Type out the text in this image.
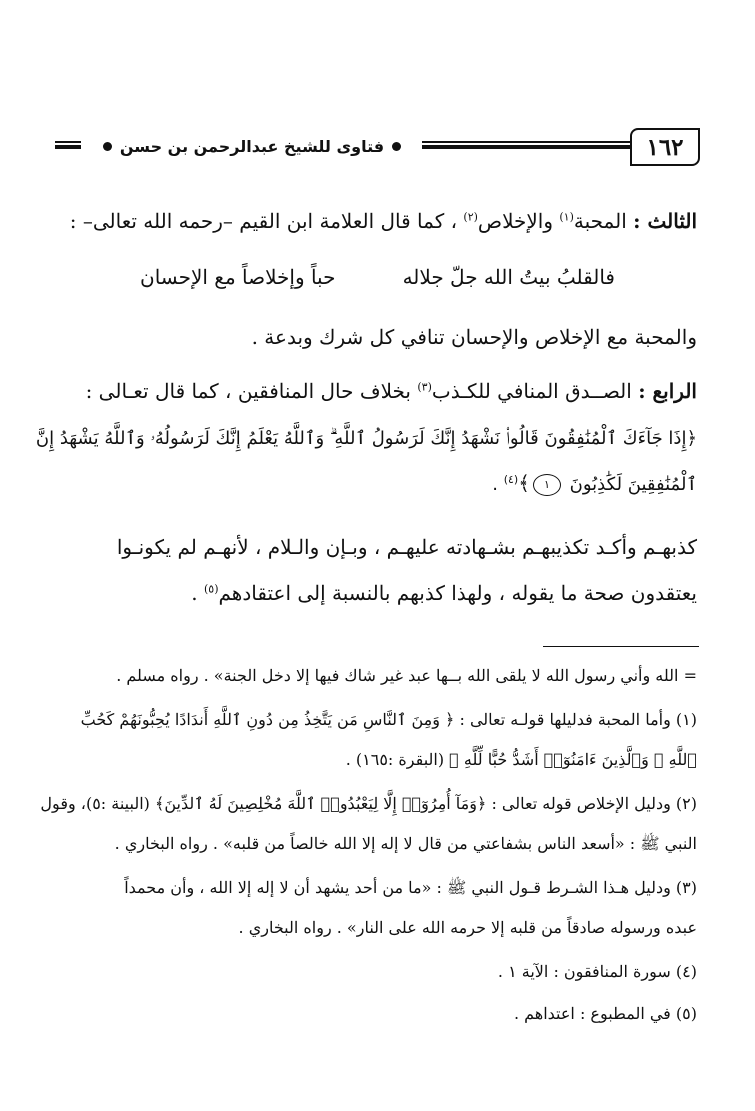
١٦٢
فتاوى للشيخ عبدالرحمن بن حسن
الثالث : المحبة$^{(١)}$ والإخلاص$^{(٢)}$ ، كما قال العلامة ابن القيم –رحمه الله تعالى– :
فالقلبُ بيتُ الله جلّ جلاله
حباً وإخلاصاً مع الإحسان
والمحبة مع الإخلاص والإحسان تنافي كل شرك وبدعة .
الرابع : الصــدق المنافي للكـذب$^{(٣)}$ بخلاف حال المنافقين ، كما قال تعـالى :
﴿إِذَا جَآءَكَ ٱلْمُنَٰفِقُونَ قَالُوا۟ نَشْهَدُ إِنَّكَ لَرَسُولُ ٱللَّهِ ۗ وَٱللَّهُ يَعْلَمُ إِنَّكَ لَرَسُولُهُۥ وَٱللَّهُ يَشْهَدُ إِنَّ
ٱلْمُنَٰفِقِينَ لَكَٰذِبُونَ ١﴾$^{(٤)}$ .
كذبهـم وأكـد تكذيبهـم بشـهادته عليهـم ، وبـإن والـلام ، لأنهـم لم يكونـوا
يعتقدون صحة ما يقوله ، ولهذا كذبهم بالنسبة إلى اعتقادهم$^{(٥)}$ .
= الله وأني رسول الله لا يلقى الله بــها عبد غير شاك فيها إلا دخل الجنة» . رواه مسلم .
(١) وأما المحبة فدليلها قولـه تعالى : ﴿ وَمِنَ ٱلنَّاسِ مَن يَتَّخِذُ مِن دُونِ ٱللَّهِ أَندَادًا يُحِبُّونَهُمْ كَحُبِّ
ٱللَّهِ ۖ وَٱلَّذِينَ ءَامَنُوٓا۟ أَشَدُّ حُبًّا لِّلَّهِ ﴾ (البقرة :١٦٥) .
(٢) ودليل الإخلاص قوله تعالى : ﴿وَمَآ أُمِرُوٓا۟ إِلَّا لِيَعْبُدُوا۟ ٱللَّهَ مُخْلِصِينَ لَهُ ٱلدِّينَ﴾ (البينة :٥)، وقول
النبي ﷺ : «أسعد الناس بشفاعتي من قال لا إله إلا الله خالصاً من قلبه» . رواه البخاري .
(٣) ودليل هـذا الشـرط قـول النبي ﷺ : «ما من أحد يشهد أن لا إله إلا الله ، وأن محمداً
عبده ورسوله صادقاً من قلبه إلا حرمه الله على النار» . رواه البخاري .
(٤) سورة المنافقون : الآية ١ .
(٥) في المطبوع : اعتداهم .
